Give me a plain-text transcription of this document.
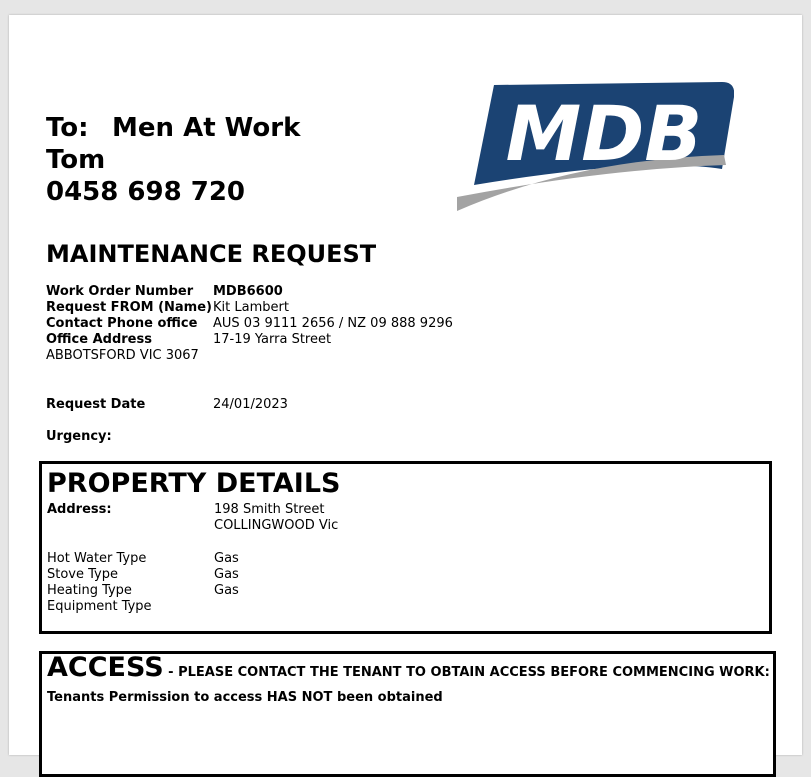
To: Men At Work
Tom
0458 698 720
MDB
MAINTENANCE REQUEST
Work Order Number MDB6600
Request FROM (Name) Kit Lambert
Contact Phone office AUS 03 9111 2656 / NZ 09 888 9296
Office Address	17-19 Yarra Street
ABBOTSFORD VIC 3067
Request Date	24/01/2023
Urgency:
PROPERTY DETAILS
Address:	198 Smith Street
COLLINGWOOD Vic
Hot Water Type	Gas
Stove Type	Gas
Heating Type	Gas
Equipment Type
ACCESS - PLEASE CONTACT THE TENANT TO OBTAIN ACCESS BEFORE COMMENCING WORK:
Tenants Permission to access HAS NOT been obtained
